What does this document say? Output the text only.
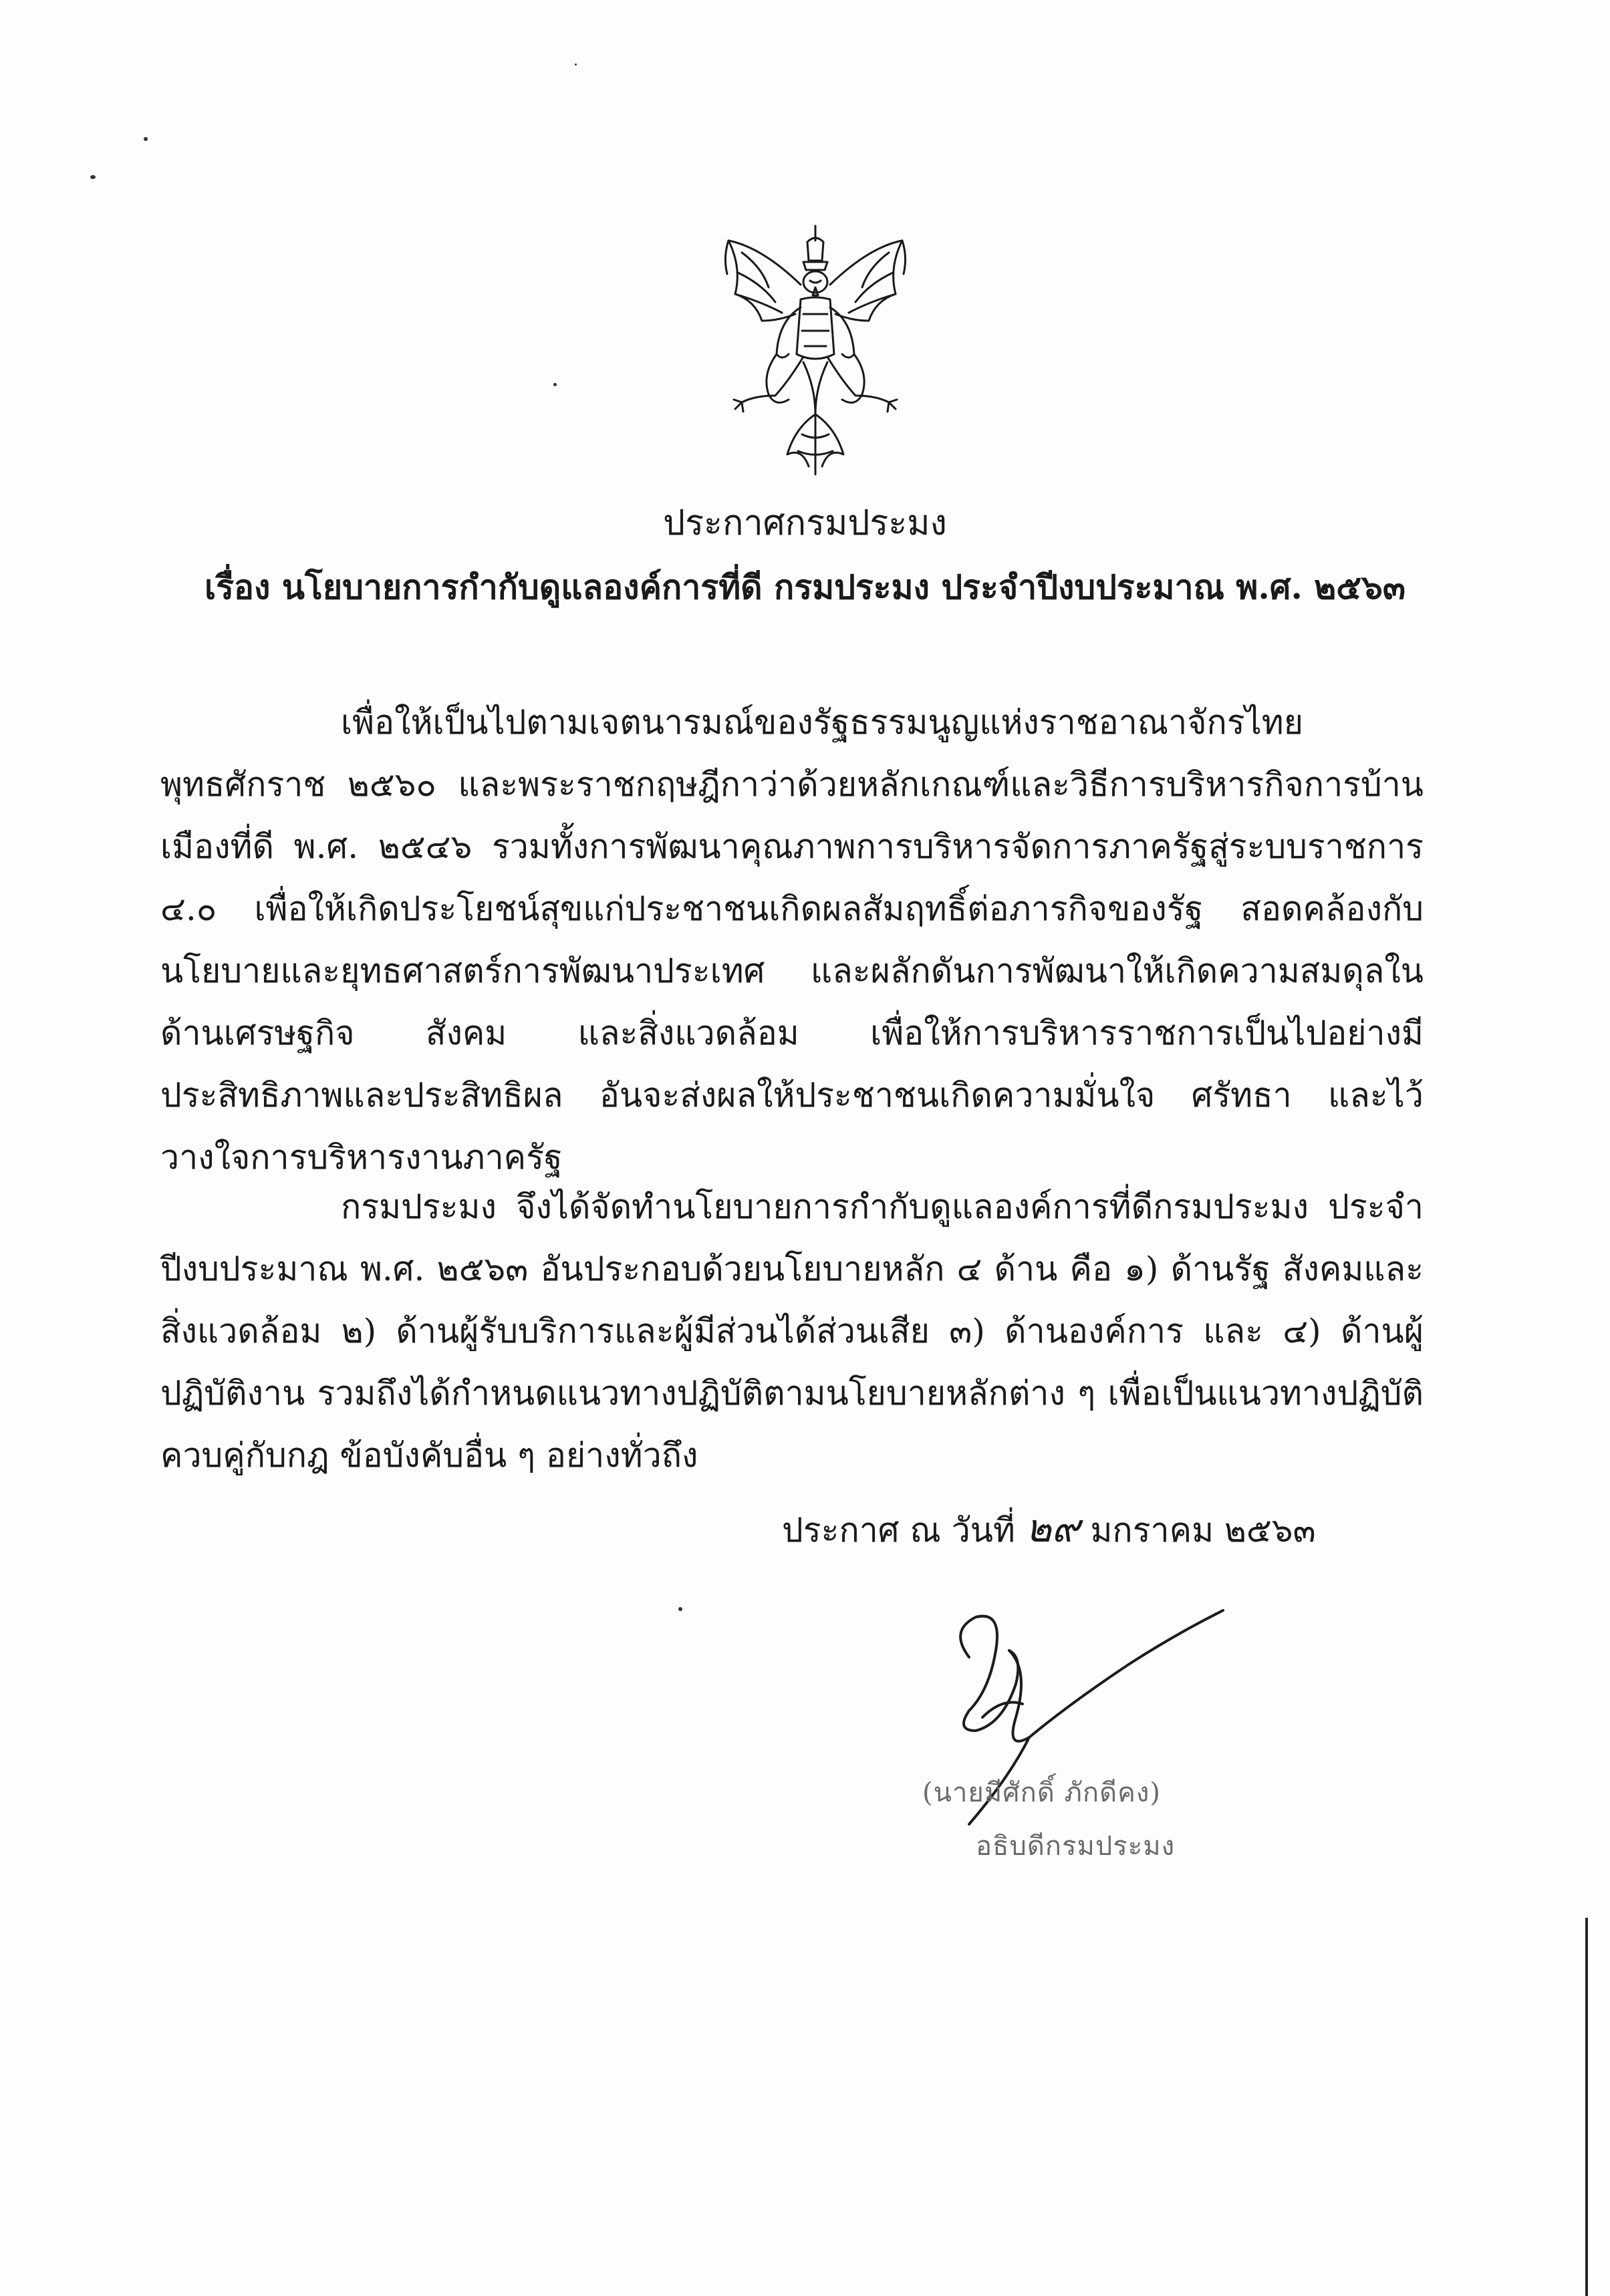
ประกาศกรมประมง
เรื่อง นโยบายการกำกับดูแลองค์การที่ดี กรมประมง ประจำปีงบประมาณ พ.ศ. ๒๕๖๓

เพื่อให้เป็นไปตามเจตนารมณ์ของรัฐธรรมนูญแห่งราชอาณาจักรไทย พุทธศักราช ๒๕๖๐ และพระราชกฤษฎีกาว่าด้วยหลักเกณฑ์และวิธีการบริหารกิจการบ้านเมืองที่ดี พ.ศ. ๒๕๔๖ รวมทั้งการพัฒนาคุณภาพการบริหารจัดการภาครัฐสู่ระบบราชการ ๔.๐ เพื่อให้เกิดประโยชน์สุขแก่ประชาชนเกิดผลสัมฤทธิ์ต่อภารกิจของรัฐ สอดคล้องกับนโยบายและยุทธศาสตร์การพัฒนาประเทศ และผลักดันการพัฒนาให้เกิดความสมดุลในด้านเศรษฐกิจ สังคม และสิ่งแวดล้อม เพื่อให้การบริหารราชการเป็นไปอย่างมีประสิทธิภาพและประสิทธิผล อันจะส่งผลให้ประชาชนเกิดความมั่นใจ ศรัทธา และไว้วางใจการบริหารงานภาครัฐ

กรมประมง จึงได้จัดทำนโยบายการกำกับดูแลองค์การที่ดีกรมประมง ประจำปีงบประมาณ พ.ศ. ๒๕๖๓ อันประกอบด้วยนโยบายหลัก ๔ ด้าน คือ ๑) ด้านรัฐ สังคมและสิ่งแวดล้อม ๒) ด้านผู้รับบริการและผู้มีส่วนได้ส่วนเสีย ๓) ด้านองค์การ และ ๔) ด้านผู้ปฏิบัติงาน รวมถึงได้กำหนดแนวทางปฏิบัติตามนโยบายหลักต่าง ๆ เพื่อเป็นแนวทางปฏิบัติควบคู่กับกฎ ข้อบังคับอื่น ๆ อย่างทั่วถึง

ประกาศ ณ วันที่ ๒๙ มกราคม ๒๕๖๓
(นายมีศักดิ์ ภักดีคง)
อธิบดีกรมประมง
